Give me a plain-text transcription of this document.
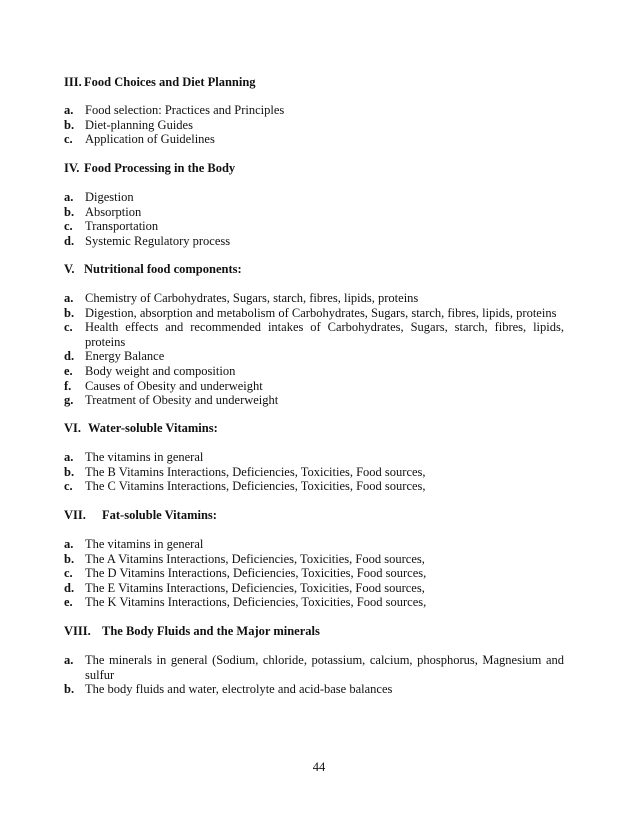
III. Food Choices and Diet Planning
a. Food selection: Practices and Principles
b. Diet-planning Guides
c. Application of Guidelines
IV. Food Processing in the Body
a. Digestion
b. Absorption
c. Transportation
d. Systemic Regulatory process
V. Nutritional food components:
a. Chemistry of Carbohydrates, Sugars, starch, fibres, lipids, proteins
b. Digestion, absorption and metabolism of Carbohydrates, Sugars, starch, fibres, lipids, proteins
c. Health effects and recommended intakes of Carbohydrates, Sugars, starch, fibres, lipids, proteins
d. Energy Balance
e. Body weight and composition
f. Causes of Obesity and underweight
g. Treatment of Obesity and underweight
VI. Water-soluble Vitamins:
a. The vitamins in general
b. The B Vitamins Interactions, Deficiencies, Toxicities, Food sources,
c. The C Vitamins Interactions, Deficiencies, Toxicities, Food sources,
VII. Fat-soluble Vitamins:
a. The vitamins in general
b. The A Vitamins Interactions, Deficiencies, Toxicities, Food sources,
c. The D Vitamins Interactions, Deficiencies, Toxicities, Food sources,
d. The E Vitamins Interactions, Deficiencies, Toxicities, Food sources,
e. The K Vitamins Interactions, Deficiencies, Toxicities, Food sources,
VIII. The Body Fluids and the Major minerals
a. The minerals in general (Sodium, chloride, potassium, calcium, phosphorus, Magnesium and sulfur
b. The body fluids and water, electrolyte and acid-base balances
44
